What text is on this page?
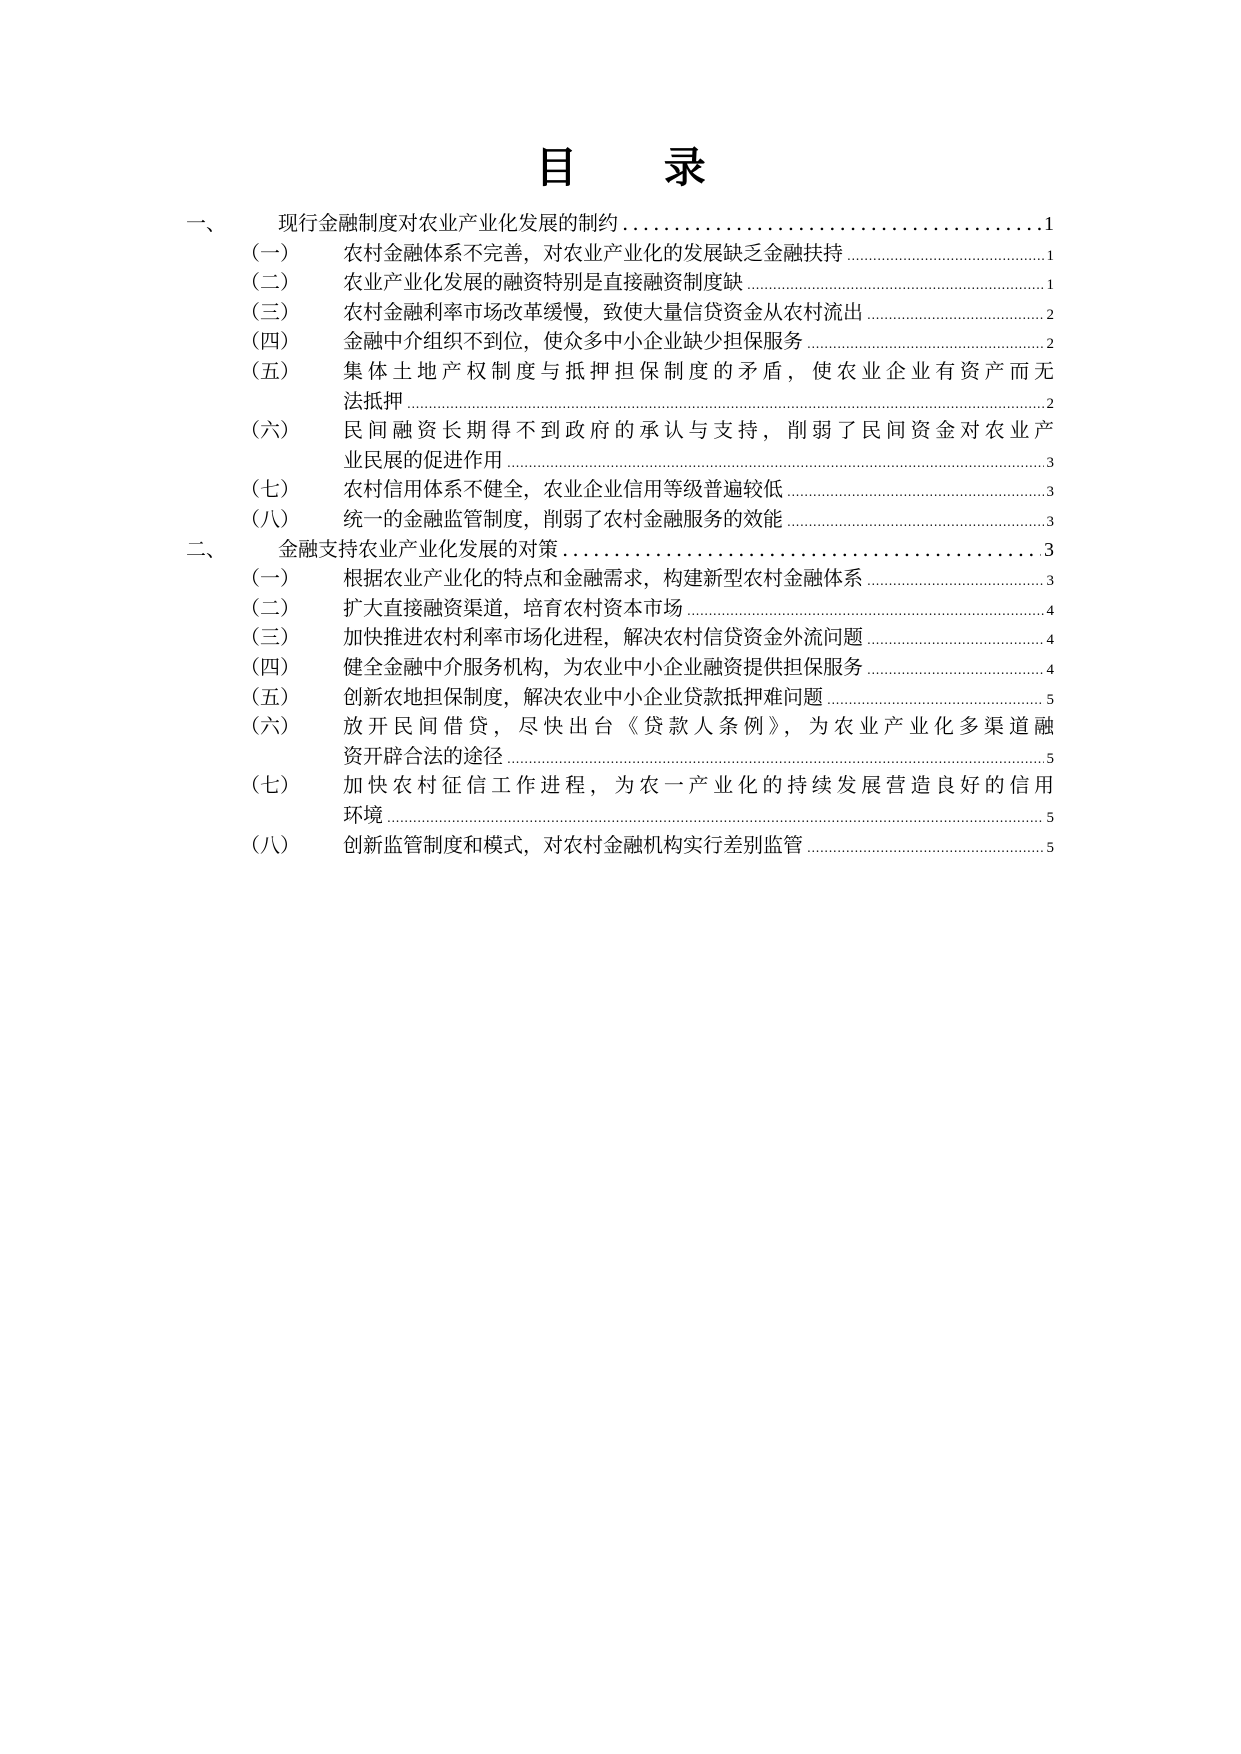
目 录
一、	现行金融制度对农业产业化发展的制约 .....	1
（一） 农村金融体系不完善，对农业产业化的发展缺乏金融扶持 .....	1
（二） 农业产业化发展的融资特别是直接融资制度缺 .....	1
（三） 农村金融利率市场改革缓慢，致使大量信贷资金从农村流出 .....	2
（四） 金融中介组织不到位，使众多中小企业缺少担保服务 .....	2
（五） 集体土地产权制度与抵押担保制度的矛盾，使农业企业有资产而无
法抵押 .....	2
（六） 民间融资长期得不到政府的承认与支持，削弱了民间资金对农业产
业民展的促进作用 .....	3
（七） 农村信用体系不健全，农业企业信用等级普遍较低 .....	3
（八） 统一的金融监管制度，削弱了农村金融服务的效能 .....	3
二、	金融支持农业产业化发展的对策 .....	3
（一） 根据农业产业化的特点和金融需求，构建新型农村金融体系 .....	3
（二） 扩大直接融资渠道，培育农村资本市场 .....	4
（三） 加快推进农村利率市场化进程，解决农村信贷资金外流问题 .....	4
（四） 健全金融中介服务机构，为农业中小企业融资提供担保服务 .....	4
（五） 创新农地担保制度，解决农业中小企业贷款抵押难问题 .....	5
（六） 放开民间借贷，尽快出台《贷款人条例》，为农业产业化多渠道融
资开辟合法的途径 .....	5
（七） 加快农村征信工作进程，为农一产业化的持续发展营造良好的信用
环境 .....	5
（八） 创新监管制度和模式，对农村金融机构实行差别监管 .....	5
